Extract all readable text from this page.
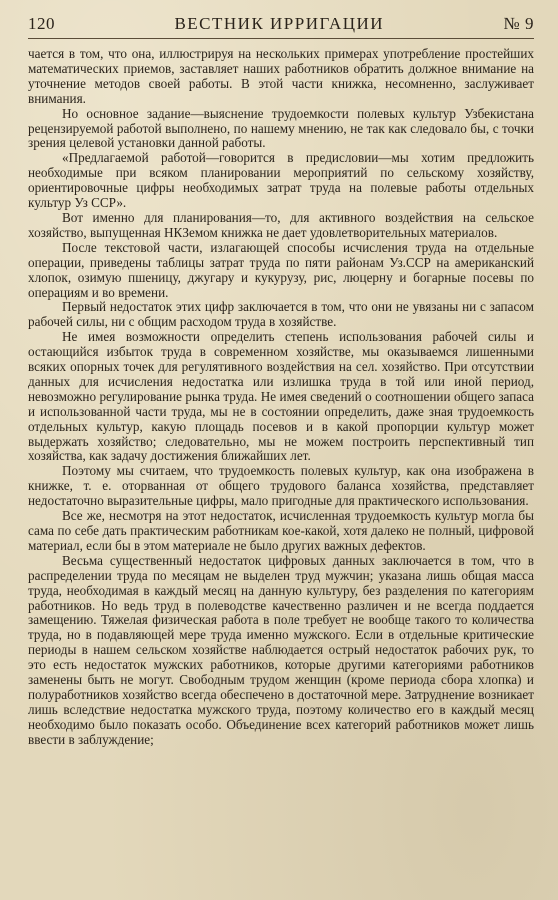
120	ВЕСТНИК ИРРИГАЦИИ	№ 9

чается в том, что она, иллюстрируя на нескольких примерах употребление простейших математических приемов, заставляет наших работников обратить должное внимание на уточнение методов своей работы. В этой части книжка, несомненно, заслуживает внимания.

Но основное задание—выяснение трудоемкости полевых культур Узбекистана рецензируемой работой выполнено, по нашему мнению, не так как следовало бы, с точки зрения целевой установки данной работы.

«Предлагаемой работой—говорится в предисловии—мы хотим предложить необходимые при всяком планировании мероприятий по сельскому хозяйству, ориентировочные цифры необходимых затрат труда на полевые работы отдельных культур Уз ССР».

Вот именно для планирования—то, для активного воздействия на сельское хозяйство, выпущенная НКЗемом книжка не дает удовлетворительных материалов.

После текстовой части, излагающей способы исчисления труда на отдельные операции, приведены таблицы затрат труда по пяти районам Уз.ССР на американский хлопок, озимую пшеницу, джугару и кукурузу, рис, люцерну и богарные посевы по операциям и во времени.

Первый недостаток этих цифр заключается в том, что они не увязаны ни с запасом рабочей силы, ни с общим расходом труда в хозяйстве.

Не имея возможности определить степень использования рабочей силы и остающийся избыток труда в современном хозяйстве, мы оказываемся лишенными всяких опорных точек для регулятивного воздействия на сел. хозяйство. При отсутствии данных для исчисления недостатка или излишка труда в той или иной период, невозможно регулирование рынка труда. Не имея сведений о соотношении общего запаса и использованной части труда, мы не в состоянии определить, даже зная трудоемкость отдельных культур, какую площадь посевов и в какой пропорции культур может выдержать хозяйство; следовательно, мы не можем построить перспективный тип хозяйства, как задачу достижения ближайших лет.

Поэтому мы считаем, что трудоемкость полевых культур, как она изображена в книжке, т. е. оторванная от общего трудового баланса хозяйства, представляет недостаточно выразительные цифры, мало пригодные для практического использования.

Все же, несмотря на этот недостаток, исчисленная трудоемкость культур могла бы сама по себе дать практическим работникам кое-какой, хотя далеко не полный, цифровой материал, если бы в этом материале не было других важных дефектов.

Весьма существенный недостаток цифровых данных заключается в том, что в распределении труда по месяцам не выделен труд мужчин; указана лишь общая масса труда, необходимая в каждый месяц на данную культуру, без разделения по категориям работников. Но ведь труд в полеводстве качественно различен и не всегда поддается замещению. Тяжелая физическая работа в поле требует не вообще такого то количества труда, но в подавляющей мере труда именно мужского. Если в отдельные критические периоды в нашем сельском хозяйстве наблюдается острый недостаток рабочих рук, то это есть недостаток мужских работников, которые другими категориями работников заменены быть не могут. Свободным трудом женщин (кроме периода сбора хлопка) и полуработников хозяйство всегда обеспечено в достаточной мере. Затруднение возникает лишь вследствие недостатка мужского труда, поэтому количество его в каждый месяц необходимо было показать особо. Объединение всех категорий работников может лишь ввести в заблуждение;
